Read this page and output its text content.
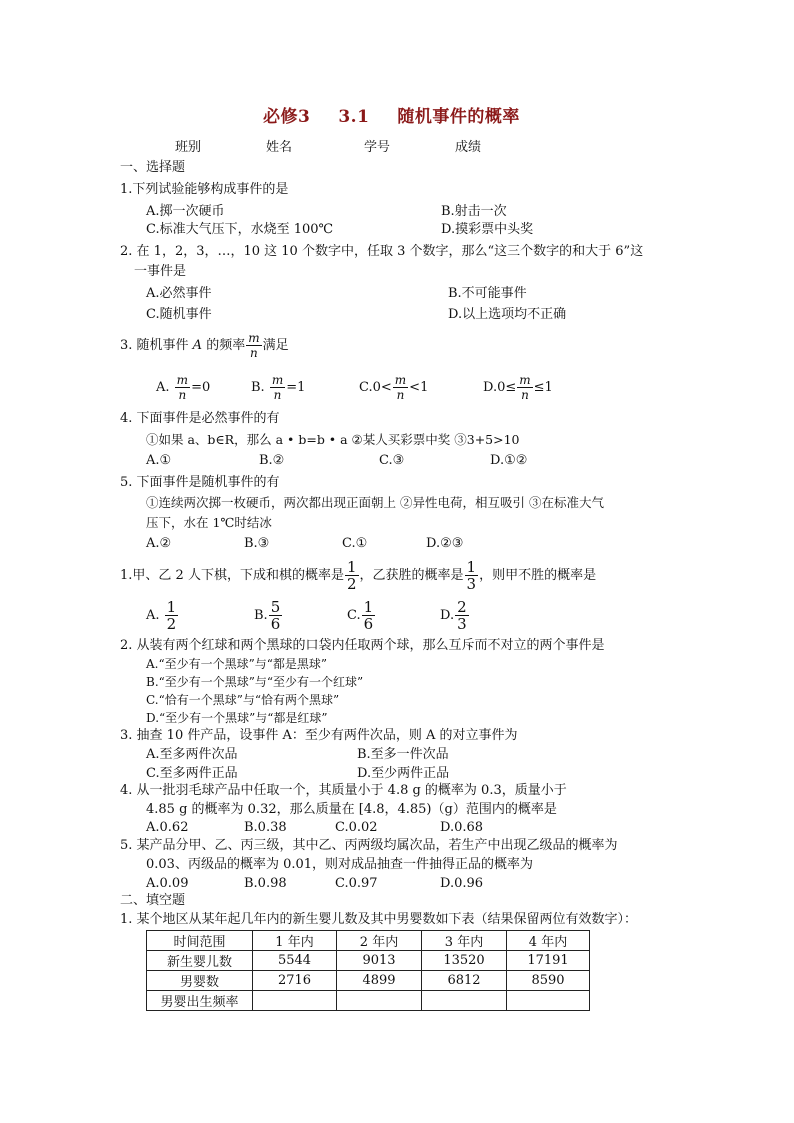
必修3 3.1 随机事件的概率
班别	姓名	学号	成绩
一、选择题
1.下列试验能够构成事件的是
A.掷一次硬币	B.射击一次
C.标准大气压下，水烧至 100℃	D.摸彩票中头奖
2. 在 1，2，3，…，10 这 10 个数字中，任取 3 个数字，那么“这三个数字的和大于 6”这
一事件是
A.必然事件	B.不可能事件
C.随机事件	D.以上选项均不正确
3. 随机事件 A 的频率 $\frac{m}{n}$ 满足
A. $\frac{m}{n} =0$	B. $\frac{m}{n} =1$	$C.0< \frac{m}{n} <1$	$D.0\le \frac{m}{n} \le 1$
4. 下面事件是必然事件的有
①如果 a、b∈R，那么 a • b=b • a ②某人买彩票中奖 ③3+5>10
A.①	B.②	C.③	D.①②
5. 下面事件是随机事件的有
①连续两次掷一枚硬币，两次都出现正面朝上 ②异性电荷，相互吸引 ③在标准大气
压下，水在 1℃时结冰
A.②	B.③	C.①	D.②③
1.甲、乙 2 人下棋，下成和棋的概率是 $\frac{1}{2}$ ，乙获胜的概率是 $\frac{1}{3}$ ，则甲不胜的概率是
A. $\frac{1}{2}$	B. $\frac{5}{6}$	C. $\frac{1}{6}$	D. $\frac{2}{3}$
2. 从装有两个红球和两个黑球的口袋内任取两个球，那么互斥而不对立的两个事件是
A.“至少有一个黑球”与“都是黑球”
B.“至少有一个黑球”与“至少有一个红球”
C.“恰有一个黑球”与“恰有两个黑球”
D.“至少有一个黑球”与“都是红球”
3. 抽查 10 件产品，设事件 A：至少有两件次品，则 A 的对立事件为
A.至多两件次品	B.至多一件次品
C.至多两件正品	D.至少两件正品
4. 从一批羽毛球产品中任取一个，其质量小于 4.8 g 的概率为 0.3，质量小于
4.85 g 的概率为 0.32，那么质量在 [4.8，4.85)（g）范围内的概率是
A.0.62	B.0.38	C.0.02	D.0.68
5. 某产品分甲、乙、丙三级，其中乙、丙两级均属次品，若生产中出现乙级品的概率为
0.03、丙级品的概率为 0.01，则对成品抽查一件抽得正品的概率为
A.0.09	B.0.98	C.0.97	D.0.96
二、填空题
1. 某个地区从某年起几年内的新生婴儿数及其中男婴数如下表（结果保留两位有效数字）：
时间范围	1 年内	2 年内	3 年内	4 年内
新生婴儿数	5544	9013	13520	17191
男婴数	2716	4899	6812	8590
男婴出生频率				
